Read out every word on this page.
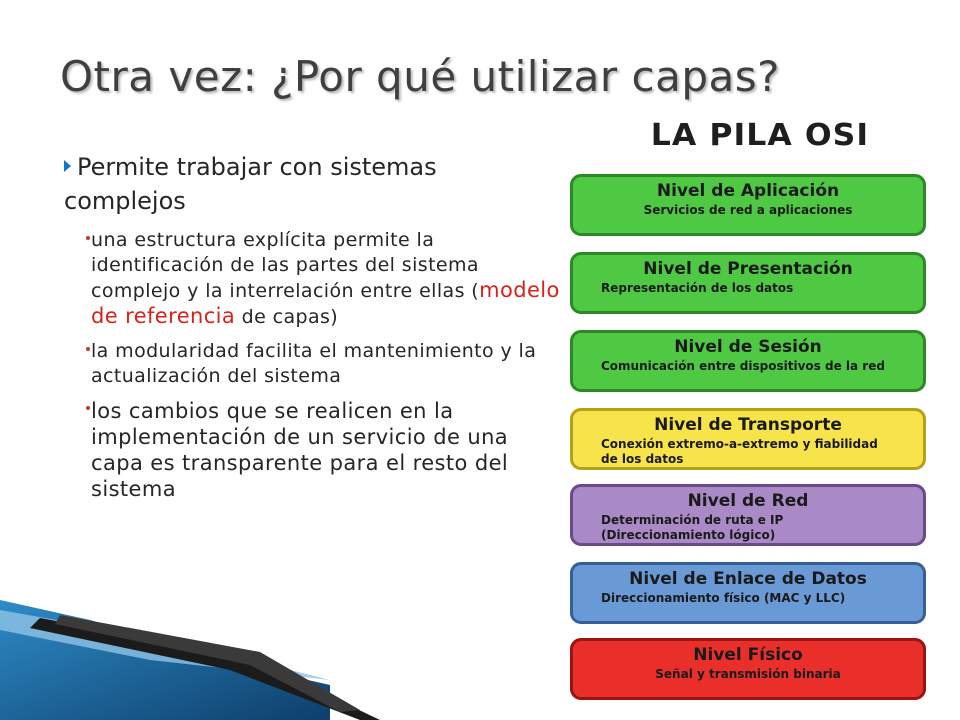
Otra vez: ¿Por qué utilizar capas?

Permite trabajar con sistemas complejos

una estructura explícita permite la identificación de las partes del sistema complejo y la interrelación entre ellas (modelo de referencia de capas)

la modularidad facilita el mantenimiento y la actualización del sistema

los cambios que se realicen en la implementación de un servicio de una capa es transparente para el resto del sistema

LA PILA OSI

Nivel de Aplicación
Servicios de red a aplicaciones
Nivel de Presentación
Representación de los datos
Nivel de Sesión
Comunicación entre dispositivos de la red
Nivel de Transporte
Conexión extremo-a-extremo y fiabilidad de los datos
Nivel de Red
Determinación de ruta e IP (Direccionamiento lógico)
Nivel de Enlace de Datos
Direccionamiento físico (MAC y LLC)
Nivel Físico
Señal y transmisión binaria
